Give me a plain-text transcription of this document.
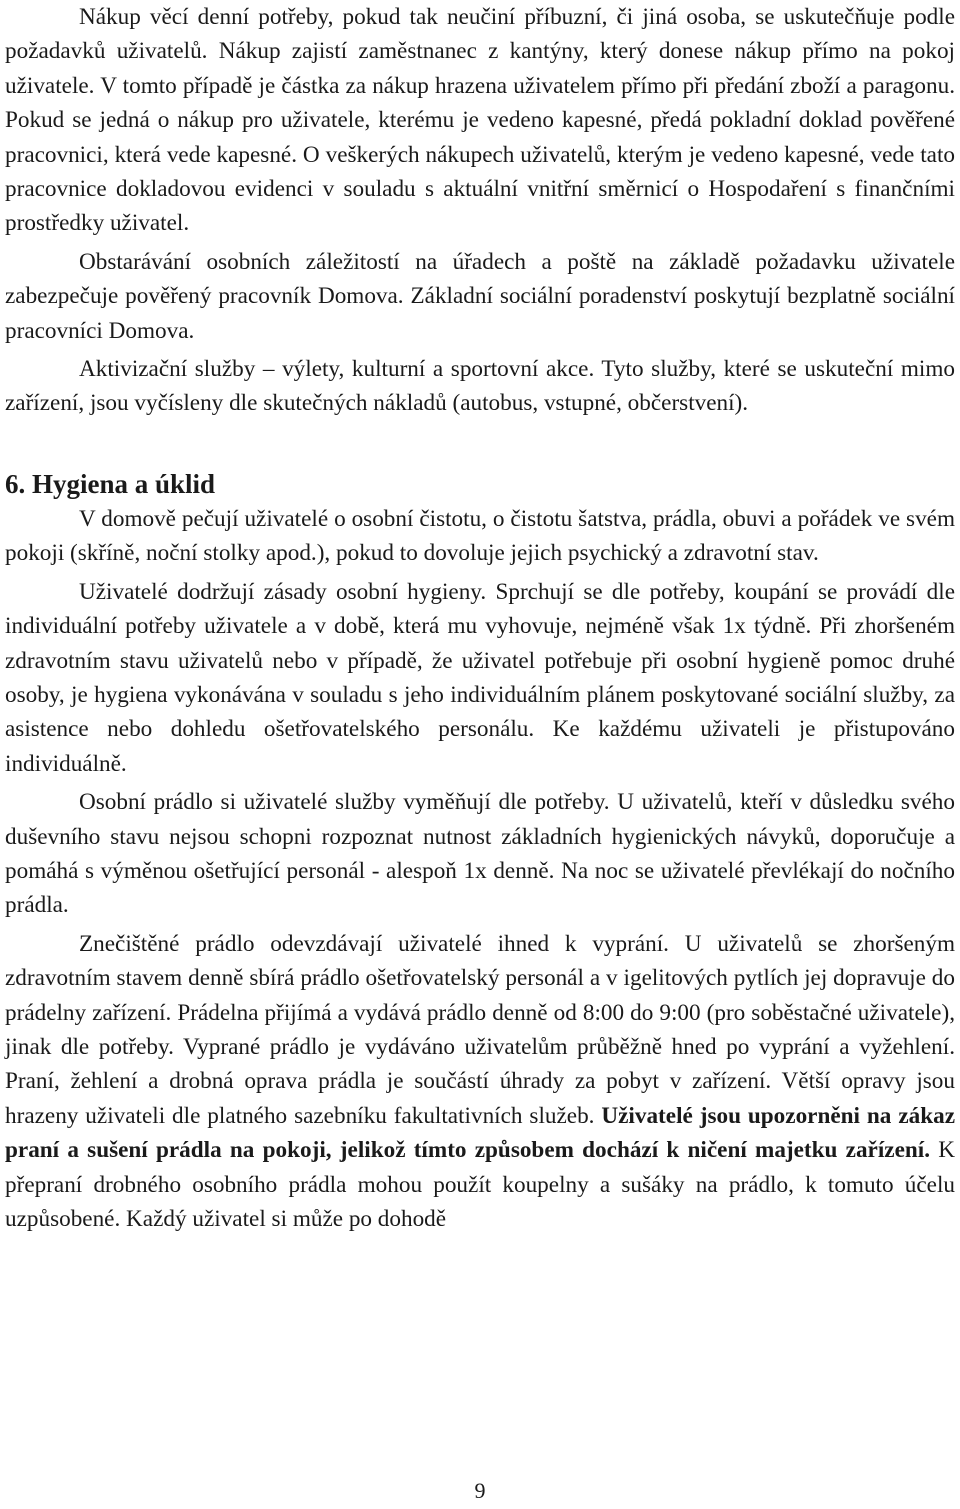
Nákup věcí denní potřeby, pokud tak neučiní příbuzní, či jiná osoba, se uskutečňuje podle požadavků uživatelů. Nákup zajistí zaměstnanec z kantýny, který donese nákup přímo na pokoj uživatele. V tomto případě je částka za nákup hrazena uživatelem přímo při předání zboží a paragonu. Pokud se jedná o nákup pro uživatele, kterému je vedeno kapesné, předá pokladní doklad pověřené pracovnici, která vede kapesné. O veškerých nákupech uživatelů, kterým je vedeno kapesné, vede tato pracovnice dokladovou evidenci v souladu s aktuální vnitřní směrnicí o Hospodaření s finančními prostředky uživatel.

Obstarávání osobních záležitostí na úřadech a poště na základě požadavku uživatele zabezpečuje pověřený pracovník Domova. Základní sociální poradenství poskytují bezplatně sociální pracovníci Domova.

Aktivizační služby – výlety, kulturní a sportovní akce. Tyto služby, které se uskuteční mimo zařízení, jsou vyčísleny dle skutečných nákladů (autobus, vstupné, občerstvení).

6. Hygiena a úklid

V domově pečují uživatelé o osobní čistotu, o čistotu šatstva, prádla, obuvi a pořádek ve svém pokoji (skříně, noční stolky apod.), pokud to dovoluje jejich psychický a zdravotní stav.

Uživatelé dodržují zásady osobní hygieny. Sprchují se dle potřeby, koupání se provádí dle individuální potřeby uživatele a v době, která mu vyhovuje, nejméně však 1x týdně. Při zhoršeném zdravotním stavu uživatelů nebo v případě, že uživatel potřebuje při osobní hygieně pomoc druhé osoby, je hygiena vykonávána v souladu s jeho individuálním plánem poskytované sociální služby, za asistence nebo dohledu ošetřovatelského personálu. Ke každému uživateli je přistupováno individuálně.

Osobní prádlo si uživatelé služby vyměňují dle potřeby. U uživatelů, kteří v důsledku svého duševního stavu nejsou schopni rozpoznat nutnost základních hygienických návyků, doporučuje a pomáhá s výměnou ošetřující personál - alespoň 1x denně. Na noc se uživatelé převlékají do nočního prádla.

Znečištěné prádlo odevzdávají uživatelé ihned k vyprání. U uživatelů se zhoršeným zdravotním stavem denně sbírá prádlo ošetřovatelský personál a v igelitových pytlích jej dopravuje do prádelny zařízení. Prádelna přijímá a vydává prádlo denně od 8:00 do 9:00 (pro soběstačné uživatele), jinak dle potřeby. Vyprané prádlo je vydáváno uživatelům průběžně hned po vyprání a vyžehlení. Praní, žehlení a drobná oprava prádla je součástí úhrady za pobyt v zařízení. Větší opravy jsou hrazeny uživateli dle platného sazebníku fakultativních služeb. Uživatelé jsou upozorněni na zákaz praní a sušení prádla na pokoji, jelikož tímto způsobem dochází k ničení majetku zařízení. K přepraní drobného osobního prádla mohou použít koupelny a sušáky na prádlo, k tomuto účelu uzpůsobené. Každý uživatel si může po dohodě

9
